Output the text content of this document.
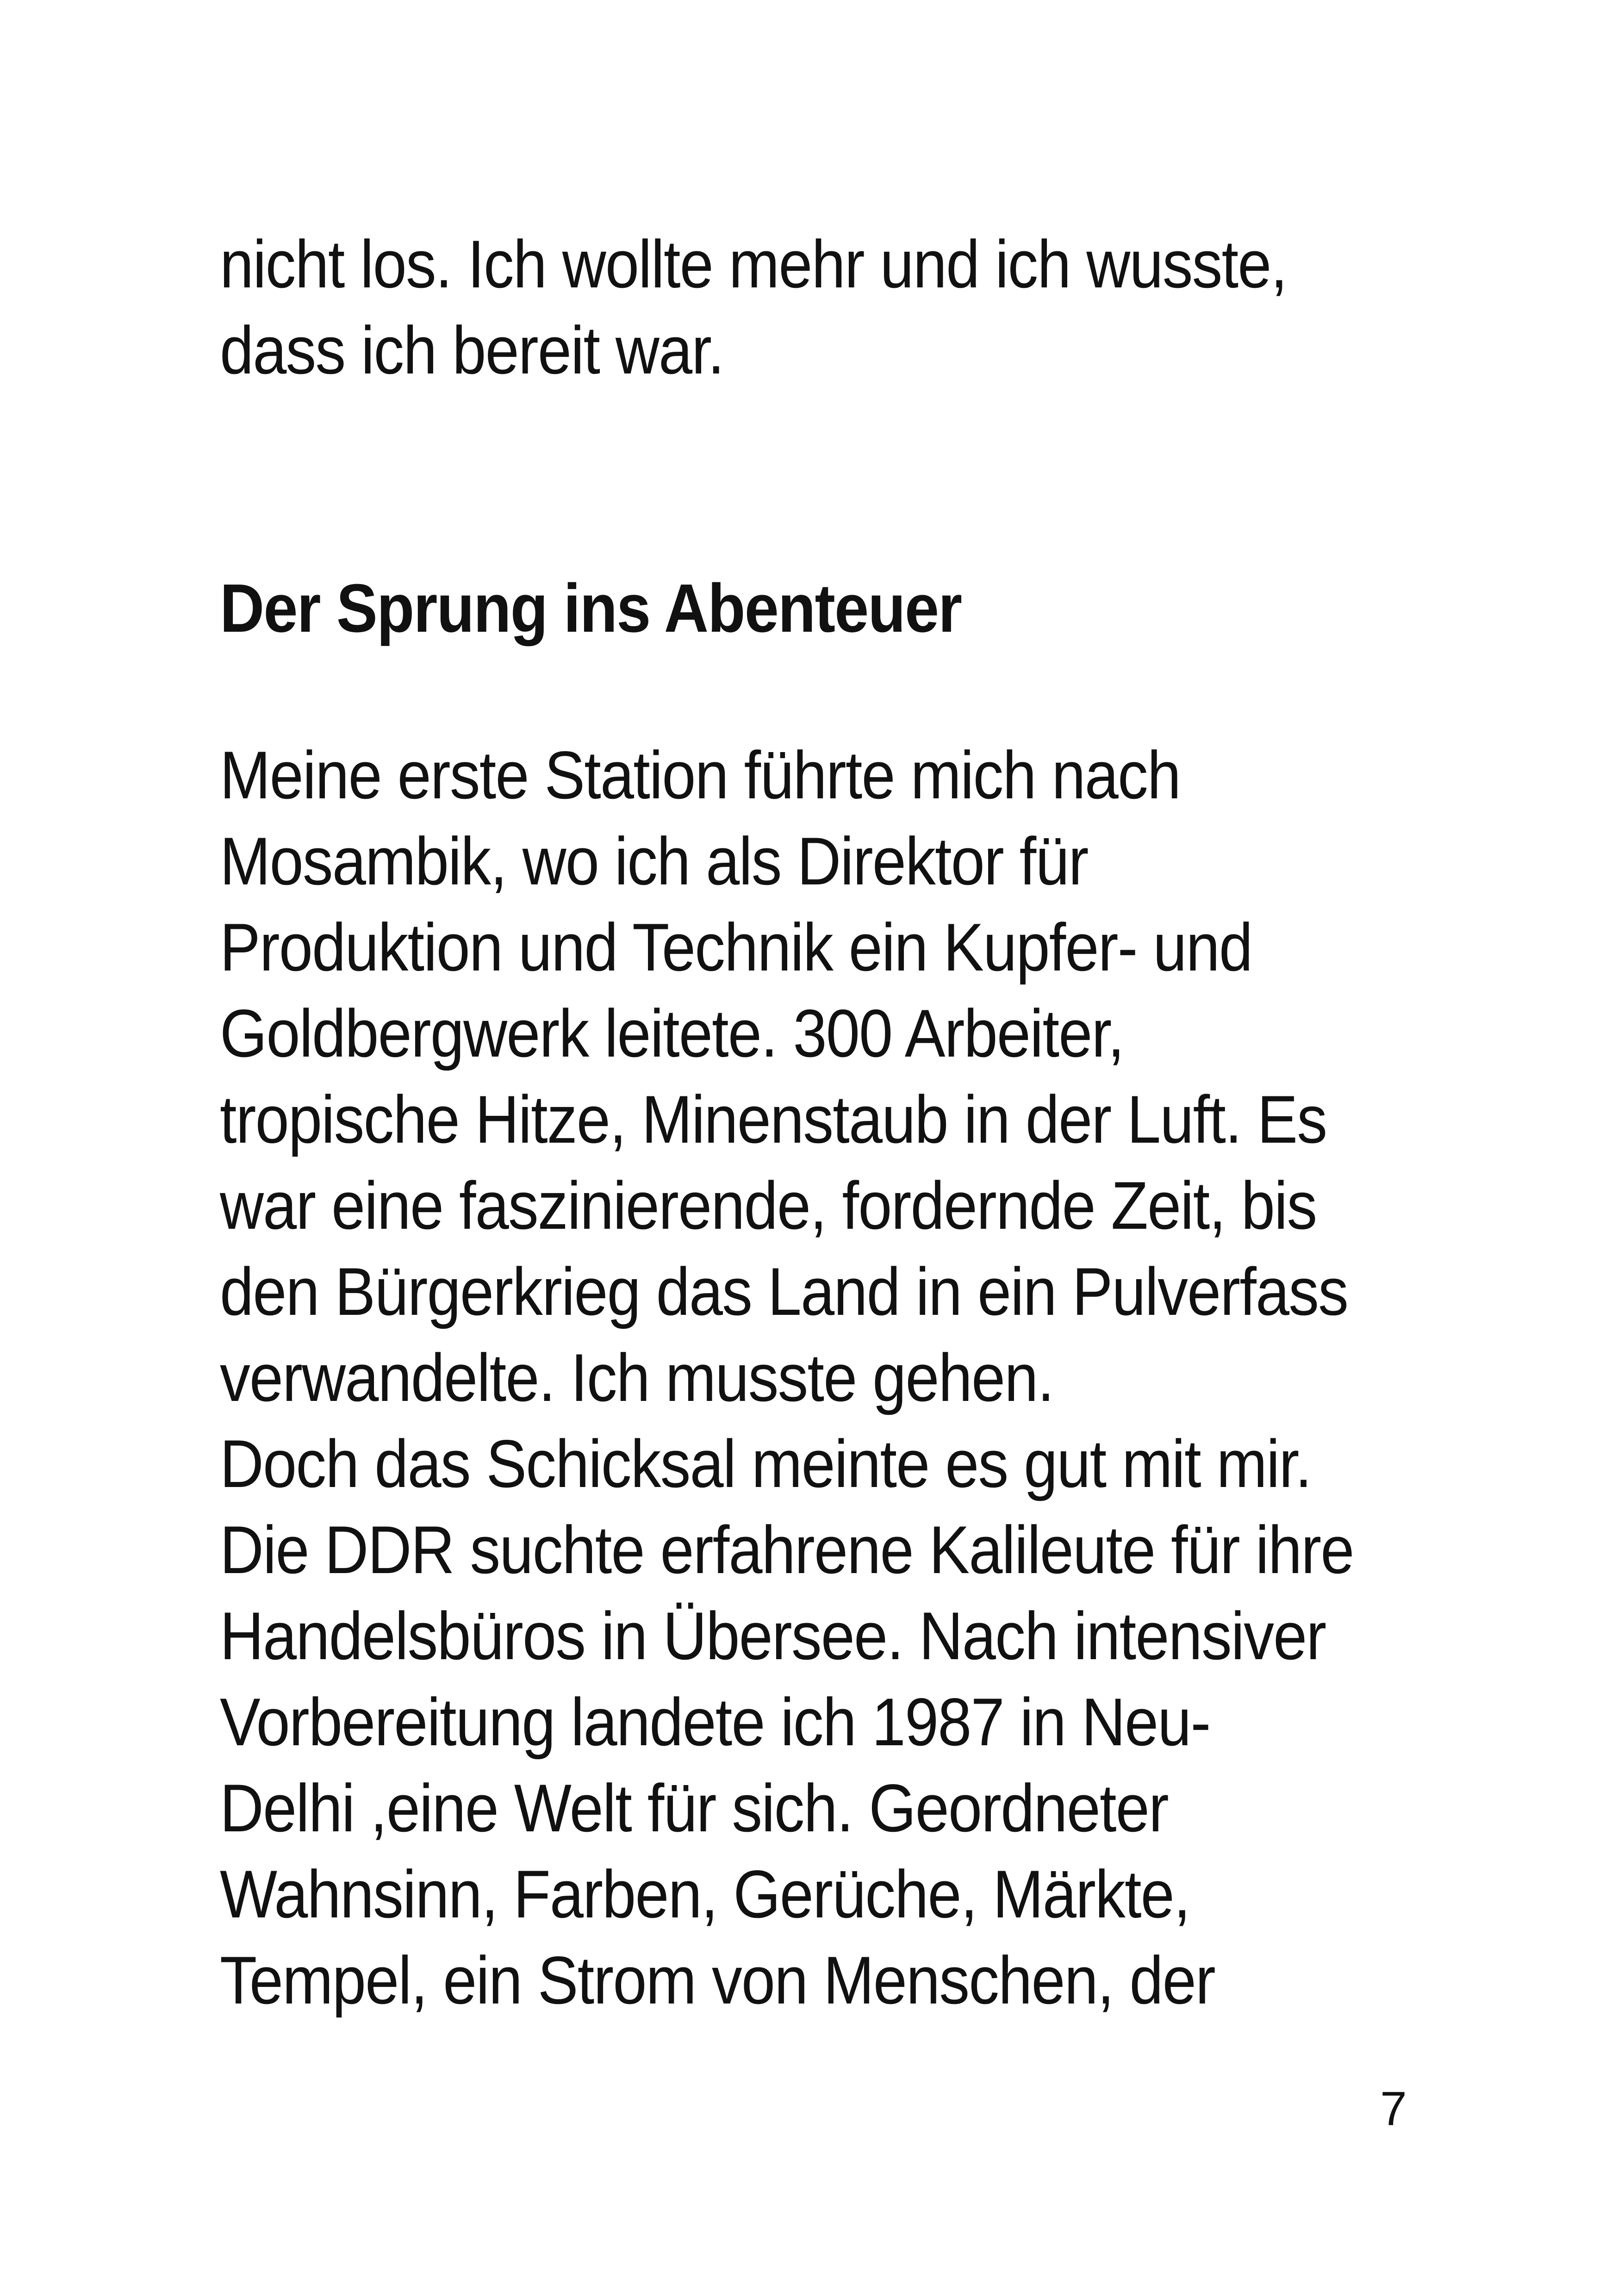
nicht los. Ich wollte mehr und ich wusste,
dass ich bereit war.
Der Sprung ins Abenteuer
Meine erste Station führte mich nach
Mosambik, wo ich als Direktor für
Produktion und Technik ein Kupfer- und
Goldbergwerk leitete. 300 Arbeiter,
tropische Hitze, Minenstaub in der Luft. Es
war eine faszinierende, fordernde Zeit, bis
den Bürgerkrieg das Land in ein Pulverfass
verwandelte. Ich musste gehen.
Doch das Schicksal meinte es gut mit mir.
Die DDR suchte erfahrene Kalileute für ihre
Handelsbüros in Übersee. Nach intensiver
Vorbereitung landete ich 1987 in Neu-
Delhi ,eine Welt für sich. Geordneter
Wahnsinn, Farben, Gerüche, Märkte,
Tempel, ein Strom von Menschen, der
7
